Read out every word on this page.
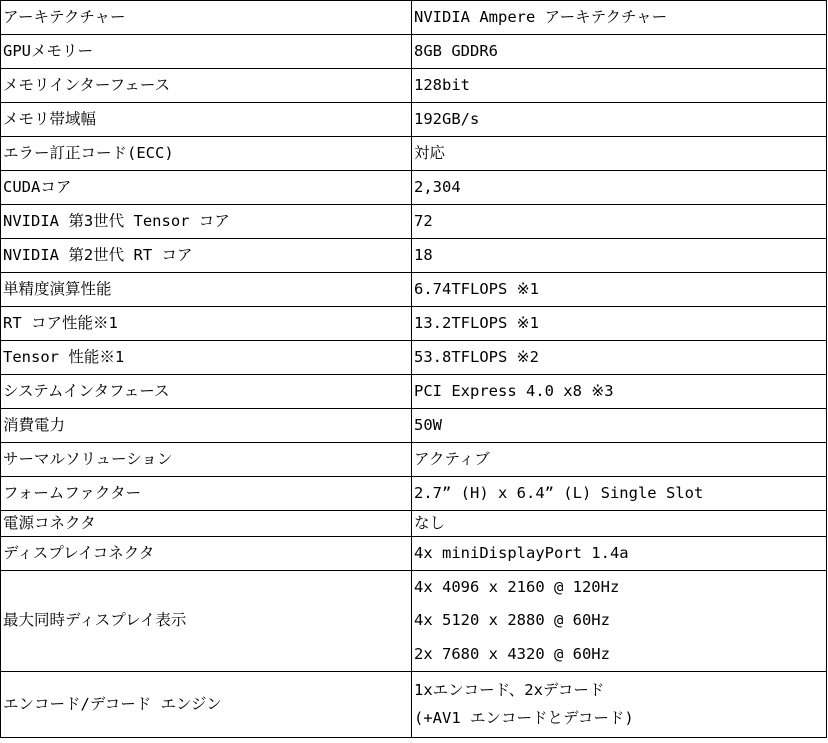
アーキテクチャー	NVIDIA Ampere アーキテクチャー
GPUメモリー	8GB GDDR6
メモリインターフェース	128bit
メモリ帯域幅	192GB/s
エラー訂正コード(ECC)	対応
CUDAコア	2,304
NVIDIA 第3世代 Tensor コア	72
NVIDIA 第2世代 RT コア	18
単精度演算性能	6.74TFLOPS ※1
RT コア性能※1	13.2TFLOPS ※1
Tensor 性能※1	53.8TFLOPS ※2
システムインタフェース	PCI Express 4.0 x8 ※3
消費電力	50W
サーマルソリューション	アクティブ
フォームファクター	2.7” (H) x 6.4” (L) Single Slot
電源コネクタ	なし
ディスプレイコネクタ	4x miniDisplayPort 1.4a
最大同時ディスプレイ表示	4x 4096 x 2160 @ 120Hz
4x 5120 x 2880 @ 60Hz
2x 7680 x 4320 @ 60Hz

エンコード/デコード エンジン	1xエンコード、2xデコード
(+AV1 エンコードとデコード)
